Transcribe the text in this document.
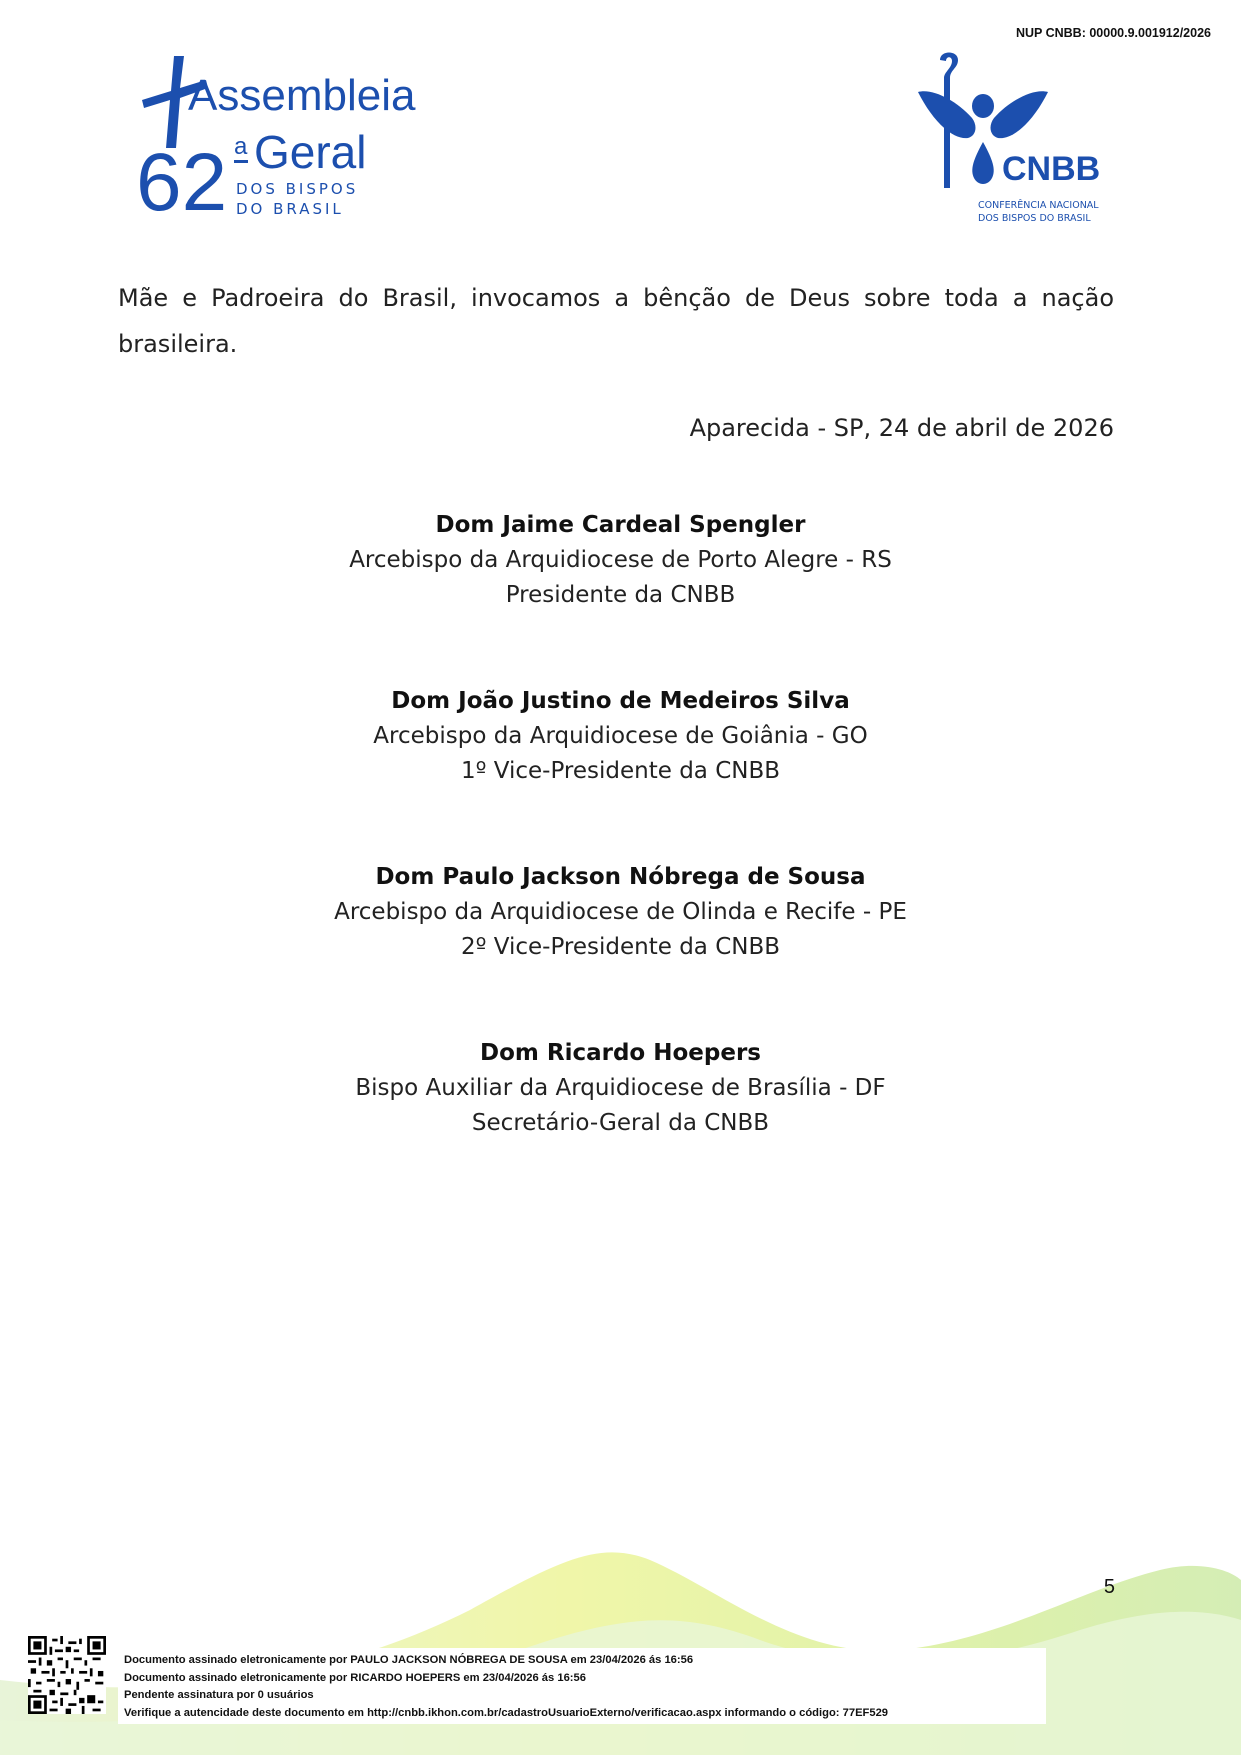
NUP CNBB: 00000.9.001912/2026
Assembleia
62 a Geral
DOS BISPOS
DO BRASIL
CNBB
CONFERÊNCIA NACIONAL
DOS BISPOS DO BRASIL
Mãe e Padroeira do Brasil, invocamos a bênção de Deus sobre toda a nação brasileira.
Aparecida - SP, 24 de abril de 2026
Dom Jaime Cardeal Spengler
Arcebispo da Arquidiocese de Porto Alegre - RS
Presidente da CNBB
Dom João Justino de Medeiros Silva
Arcebispo da Arquidiocese de Goiânia - GO
1º Vice-Presidente da CNBB
Dom Paulo Jackson Nóbrega de Sousa
Arcebispo da Arquidiocese de Olinda e Recife - PE
2º Vice-Presidente da CNBB
Dom Ricardo Hoepers
Bispo Auxiliar da Arquidiocese de Brasília - DF
Secretário-Geral da CNBB
5
Documento assinado eletronicamente por PAULO JACKSON NÓBREGA DE SOUSA em 23/04/2026 ás 16:56
Documento assinado eletronicamente por RICARDO HOEPERS em 23/04/2026 ás 16:56
Pendente assinatura por 0 usuários
Verifique a autencidade deste documento em http://cnbb.ikhon.com.br/cadastroUsuarioExterno/verificacao.aspx informando o código: 77EF529
